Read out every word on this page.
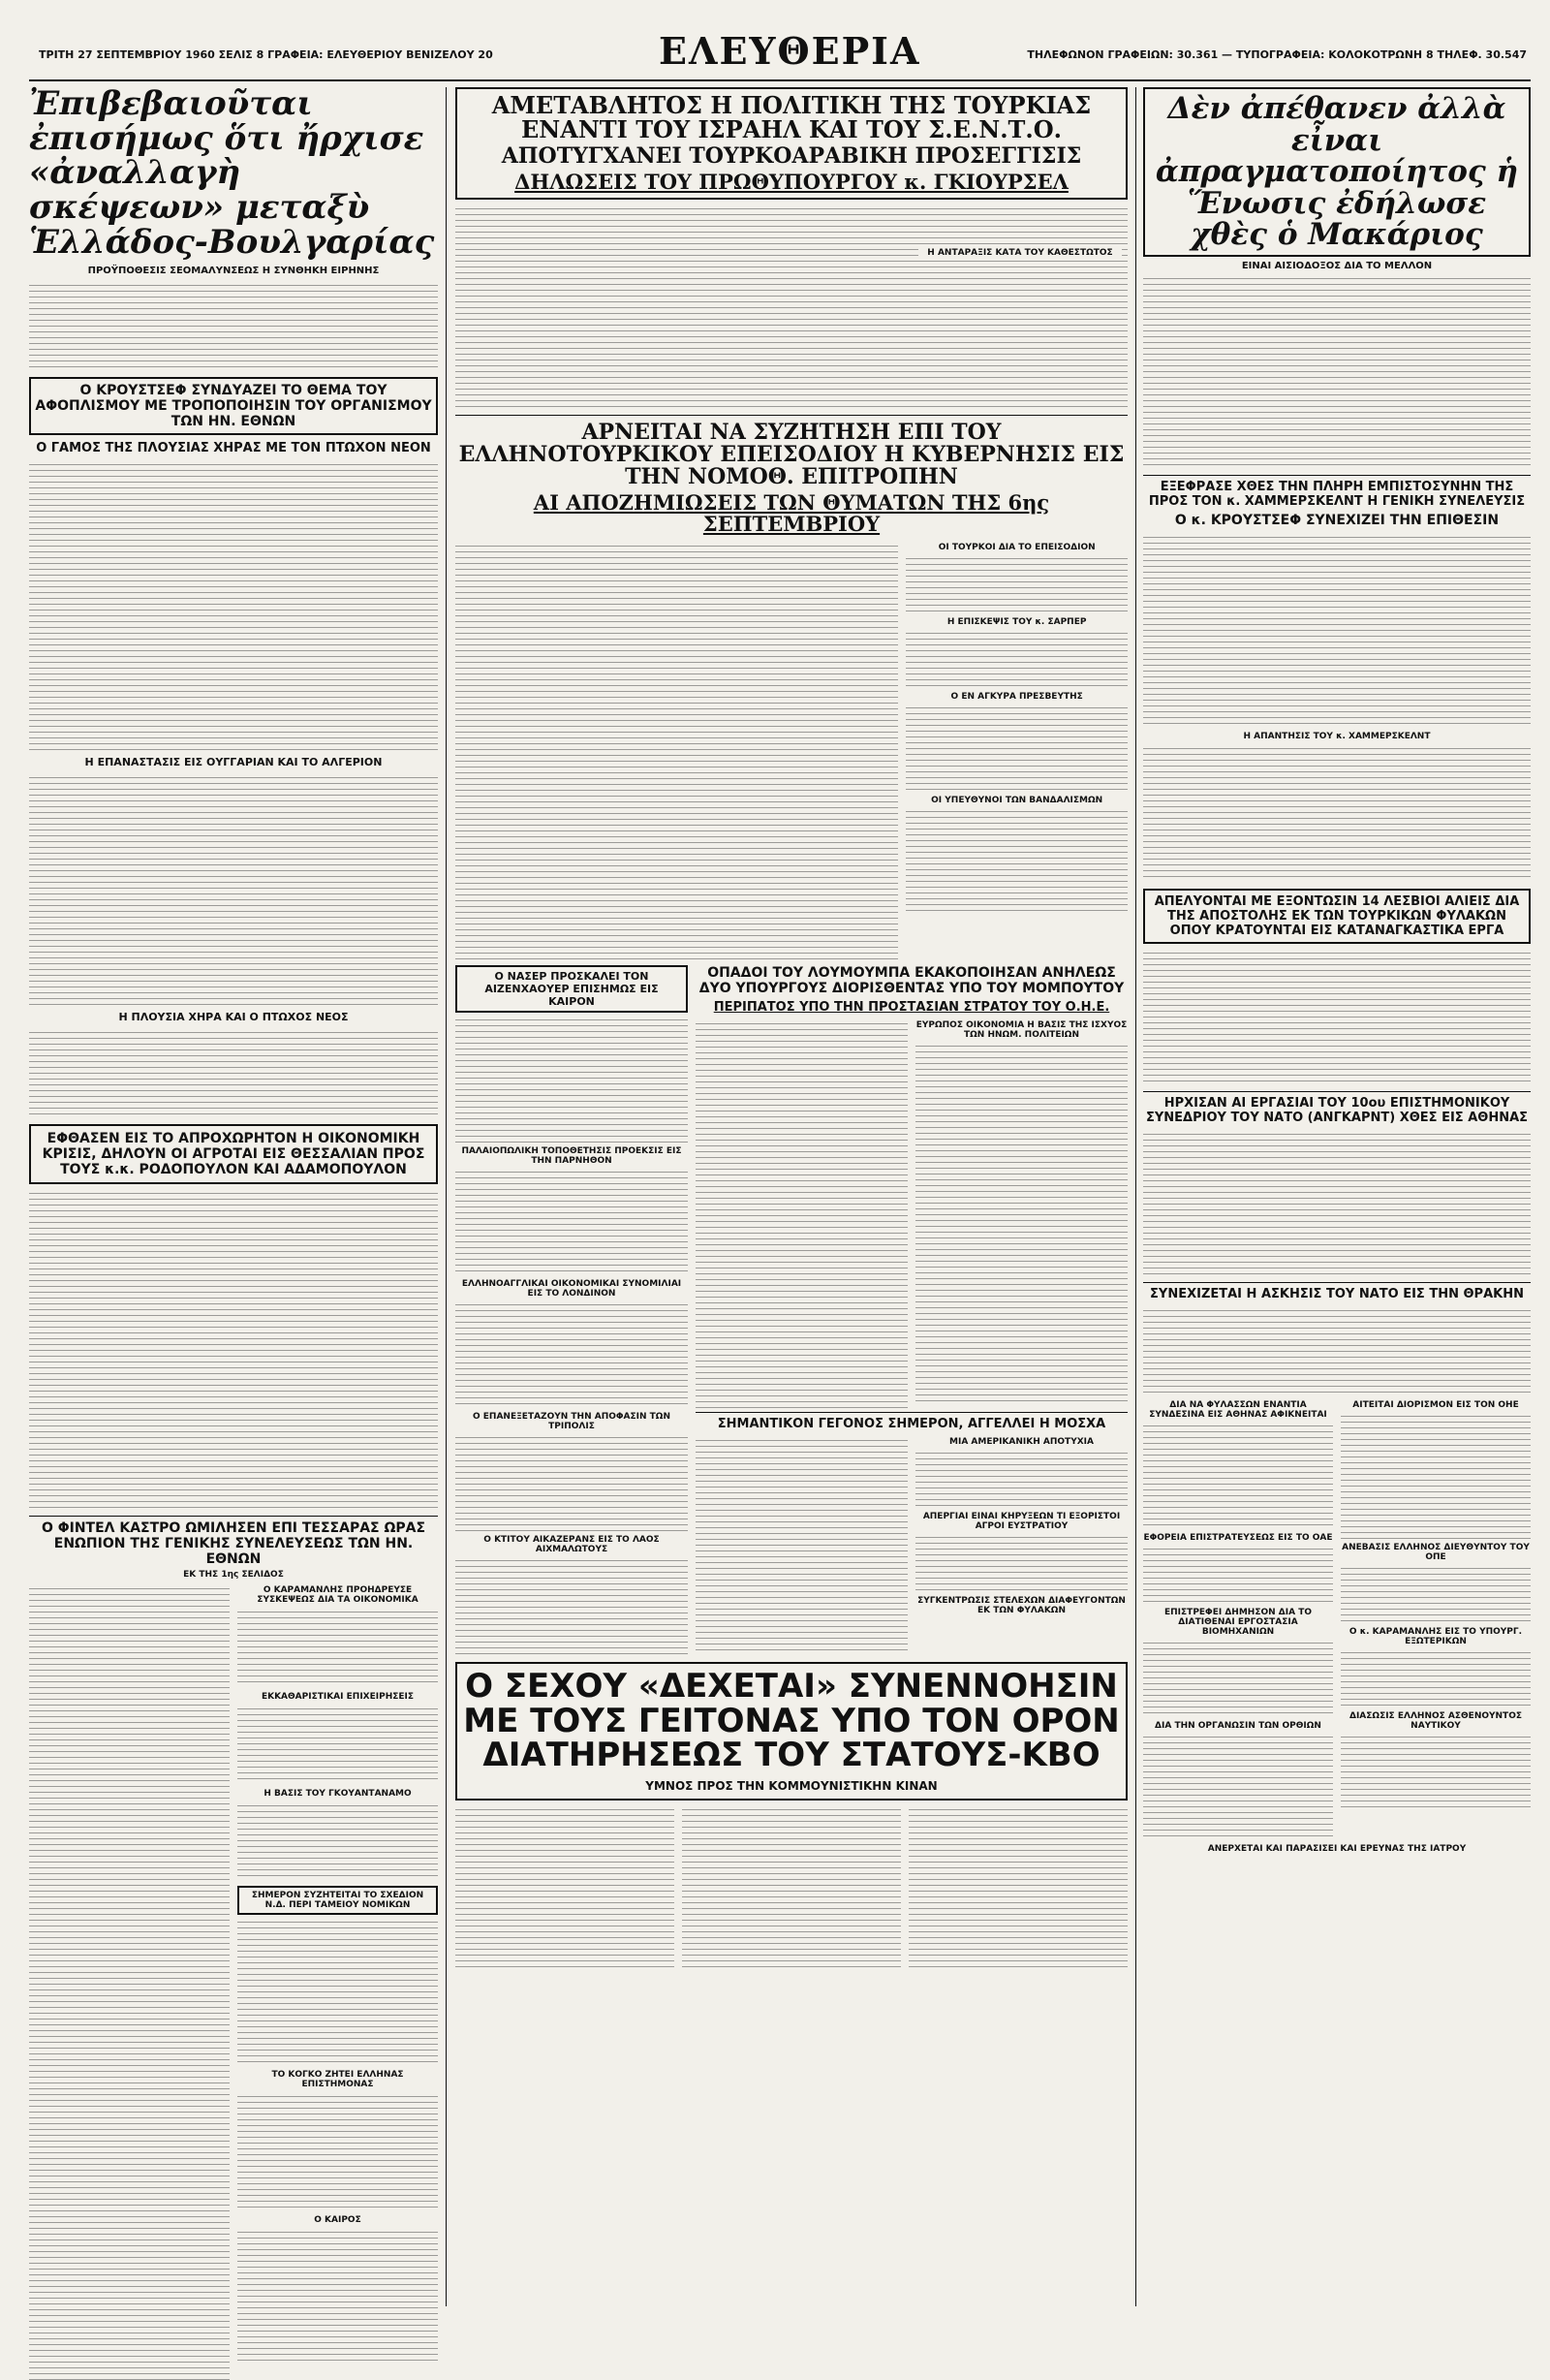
ΤΡΙΤΗ 27 ΣΕΠΤΕΜΒΡΙΟΥ 1960 ΣΕΛΙΣ 8 ΓΡΑΦΕΙΑ: ΕΛΕΥΘΕΡΙΟΥ ΒΕΝΙΖΕΛΟΥ 20	ΕΛΕΥΘΕΡΙΑ	ΤΗΛΕΦΩΝΟΝ ΓΡΑΦΕΙΩΝ: 30.361 — ΤΥΠΟΓΡΑΦΕΙΑ: ΚΟΛΟΚΟΤΡΩΝΗ 8 ΤΗΛΕΦ. 30.547
Ἐπιβεβαιοῦται ἐπισήμως ὅτι ἤρχισε «ἀναλλαγὴ σκέψεων» μεταξὺ Ἑλλάδος-Βουλγαρίας
ΠΡΟΫΠΟΘΕΣΙΣ ΣΕΟΜΑΛΥΝΣΕΩΣ Η ΣΥΝΘΗΚΗ ΕΙΡΗΝΗΣ
Ο ΚΡΟΥΣΤΣΕΦ ΣΥΝΔΥΑΖΕΙ ΤΟ ΘΕΜΑ ΤΟΥ ΑΦΟΠΛΙΣΜΟΥ ΜΕ ΤΡΟΠΟΠΟΙΗΣΙΝ ΤΟΥ ΟΡΓΑΝΙΣΜΟΥ ΤΩΝ ΗΝ. ΕΘΝΩΝ
Ο ΓΑΜΟΣ ΤΗΣ ΠΛΟΥΣΙΑΣ ΧΗΡΑΣ ΜΕ ΤΟΝ ΠΤΩΧΟΝ ΝΕΟΝ
Η ΕΠΑΝΑΣΤΑΣΙΣ ΕΙΣ ΟΥΓΓΑΡΙΑΝ ΚΑΙ ΤΟ ΑΛΓΕΡΙΟΝ
Η ΠΛΟΥΣΙΑ ΧΗΡΑ ΚΑΙ Ο ΠΤΩΧΟΣ ΝΕΟΣ
ΕΦΘΑΣΕΝ ΕΙΣ ΤΟ ΑΠΡΟΧΩΡΗΤΟΝ Η ΟΙΚΟΝΟΜΙΚΗ ΚΡΙΣΙΣ, ΔΗΛΟΥΝ ΟΙ ΑΓΡΟΤΑΙ ΕΙΣ ΘΕΣΣΑΛΙΑΝ ΠΡΟΣ ΤΟΥΣ κ.κ. ΡΟΔΟΠΟΥΛΟΝ ΚΑΙ ΑΔΑΜΟΠΟΥΛΟΝ
Ο ΦΙΝΤΕΛ ΚΑΣΤΡΟ ΩΜΙΛΗΣΕΝ ΕΠΙ ΤΕΣΣΑΡΑΣ ΩΡΑΣ ΕΝΩΠΙΟΝ ΤΗΣ ΓΕΝΙΚΗΣ ΣΥΝΕΛΕΥΣΕΩΣ ΤΩΝ ΗΝ. ΕΘΝΩΝ
ΕΚ ΤΗΣ 1ης ΣΕΛΙΔΟΣ
Ο ΚΑΡΑΜΑΝΛΗΣ ΠΡΟΗΔΡΕΥΣΕ ΣΥΣΚΕΨΕΩΣ ΔΙΑ ΤΑ ΟΙΚΟΝΟΜΙΚΑ
ΕΚΚΑΘΑΡΙΣΤΙΚΑΙ ΕΠΙΧΕΙΡΗΣΕΙΣ
Η ΒΑΣΙΣ ΤΟΥ ΓΚΟΥΑΝΤΑΝΑΜΟ
ΣΗΜΕΡΟΝ ΣΥΖΗΤΕΙΤΑΙ ΤΟ ΣΧΕΔΙΟΝ Ν.Δ. ΠΕΡΙ ΤΑΜΕΙΟΥ ΝΟΜΙΚΩΝ
ΤΟ ΚΟΓΚΟ ΖΗΤΕΙ ΕΛΛΗΝΑΣ ΕΠΙΣΤΗΜΟΝΑΣ
Ο ΚΑΙΡΟΣ
ΑΜΕΤΑΒΛΗΤΟΣ Η ΠΟΛΙΤΙΚΗ ΤΗΣ ΤΟΥΡΚΙΑΣ ΕΝΑΝΤΙ ΤΟΥ ΙΣΡΑΗΛ ΚΑΙ ΤΟΥ Σ.Ε.Ν.Τ.Ο.
ΑΠΟΤΥΓΧΑΝΕΙ ΤΟΥΡΚΟΑΡΑΒΙΚΗ ΠΡΟΣΕΓΓΙΣΙΣ
ΔΗΛΩΣΕΙΣ ΤΟΥ ΠΡΩΘΥΠΟΥΡΓΟΥ κ. ΓΚΙΟΥΡΣΕΛ
Η ΑΝΤΑΡΑΞΙΣ ΚΑΤΑ ΤΟΥ ΚΑΘΕΣΤΩΤΟΣ
ΑΡΝΕΙΤΑΙ ΝΑ ΣΥΖΗΤΗΣΗ ΕΠΙ ΤΟΥ ΕΛΛΗΝΟΤΟΥΡΚΙΚΟΥ ΕΠΕΙΣΟΔΙΟΥ Η ΚΥΒΕΡΝΗΣΙΣ ΕΙΣ ΤΗΝ ΝΟΜΟΘ. ΕΠΙΤΡΟΠΗΝ
ΑΙ ΑΠΟΖΗΜΙΩΣΕΙΣ ΤΩΝ ΘΥΜΑΤΩΝ ΤΗΣ 6ης ΣΕΠΤΕΜΒΡΙΟΥ
ΟΙ ΤΟΥΡΚΟΙ ΔΙΑ ΤΟ ΕΠΕΙΣΟΔΙΟΝ
Η ΕΠΙΣΚΕΨΙΣ ΤΟΥ κ. ΣΑΡΠΕΡ
Ο ΕΝ ΑΓΚΥΡΑ ΠΡΕΣΒΕΥΤΗΣ
ΟΙ ΥΠΕΥΘΥΝΟΙ ΤΩΝ ΒΑΝΔΑΛΙΣΜΩΝ
Ο ΝΑΣΕΡ ΠΡΟΣΚΑΛΕΙ ΤΟΝ ΑΙΖΕΝΧΑΟΥΕΡ ΕΠΙΣΗΜΩΣ ΕΙΣ ΚΑΙΡΟΝ
ΠΑΛΑΙΟΠΩΛΙΚΗ ΤΟΠΟΘΕΤΗΣΙΣ ΠΡΟΕΚΣΙΣ ΕΙΣ ΤΗΝ ΠΑΡΝΗΘΟΝ
ΕΛΛΗΝΟΑΓΓΛΙΚΑΙ ΟΙΚΟΝΟΜΙΚΑΙ ΣΥΝΟΜΙΛΙΑΙ ΕΙΣ ΤΟ ΛΟΝΔΙΝΟΝ
Ο ΕΠΑΝΕΞΕΤΑΖΟΥΝ ΤΗΝ ΑΠΟΦΑΣΙΝ ΤΩΝ ΤΡΙΠΟΛΙΣ
Ο ΚΤΙΤΟΥ ΑΙΚΑΖΕΡΑΝΣ ΕΙΣ ΤΟ ΛΑΟΣ ΑΙΧΜΑΛΩΤΟΥΣ
ΟΠΑΔΟΙ ΤΟΥ ΛΟΥΜΟΥΜΠΑ ΕΚΑΚΟΠΟΙΗΣΑΝ ΑΝΗΛΕΩΣ ΔΥΟ ΥΠΟΥΡΓΟΥΣ ΔΙΟΡΙΣΘΕΝΤΑΣ ΥΠΟ ΤΟΥ ΜΟΜΠΟΥΤΟΥ
ΠΕΡΙΠΑΤΟΣ ΥΠΟ ΤΗΝ ΠΡΟΣΤΑΣΙΑΝ ΣΤΡΑΤΟΥ ΤΟΥ Ο.Η.Ε.
ΕΥΡΩΠΟΣ ΟΙΚΟΝΟΜΙΑ Η ΒΑΣΙΣ ΤΗΣ ΙΣΧΥΟΣ ΤΩΝ ΗΝΩΜ. ΠΟΛΙΤΕΙΩΝ
ΣΗΜΑΝΤΙΚΟΝ ΓΕΓΟΝΟΣ ΣΗΜΕΡΟΝ, ΑΓΓΕΛΛΕΙ Η ΜΟΣΧΑ
ΜΙΑ ΑΜΕΡΙΚΑΝΙΚΗ ΑΠΟΤΥΧΙΑ
ΑΠΕΡΓΙΑΙ ΕΙΝΑΙ ΚΗΡΥΞΕΩΝ ΤΙ ΕΞΟΡΙΣΤΟΙ ΑΓΡΟΙ ΕΥΣΤΡΑΤΙΟΥ
ΣΥΓΚΕΝΤΡΩΣΙΣ ΣΤΕΛΕΧΩΝ ΔΙΑΦΕΥΓΟΝΤΩΝ ΕΚ ΤΩΝ ΦΥΛΑΚΩΝ
Ο ΣΕΧΟΥ «ΔΕΧΕΤΑΙ» ΣΥΝΕΝΝΟΗΣΙΝ ΜΕ ΤΟΥΣ ΓΕΙΤΟΝΑΣ ΥΠΟ ΤΟΝ ΟΡΟΝ ΔΙΑΤΗΡΗΣΕΩΣ ΤΟΥ ΣΤΑΤΟΥΣ-ΚΒΟ
ΥΜΝΟΣ ΠΡΟΣ ΤΗΝ ΚΟΜΜΟΥΝΙΣΤΙΚΗΝ ΚΙΝΑΝ
Δὲν ἀπέθανεν ἀλλὰ εἶναι ἀπραγματοποίητος ἡ Ἕνωσις ἐδήλωσε χθὲς ὁ Μακάριος
ΕΙΝΑΙ ΑΙΣΙΟΔΟΞΟΣ ΔΙΑ ΤΟ ΜΕΛΛΟΝ
ΕΞΕΦΡΑΣΕ ΧΘΕΣ ΤΗΝ ΠΛΗΡΗ ΕΜΠΙΣΤΟΣΥΝΗΝ ΤΗΣ ΠΡΟΣ ΤΟΝ κ. ΧΑΜΜΕΡΣΚΕΛΝΤ Η ΓΕΝΙΚΗ ΣΥΝΕΛΕΥΣΙΣ
Ο κ. ΚΡΟΥΣΤΣΕΦ ΣΥΝΕΧΙΖΕΙ ΤΗΝ ΕΠΙΘΕΣΙΝ
Η ΑΠΑΝΤΗΣΙΣ ΤΟΥ κ. ΧΑΜΜΕΡΣΚΕΛΝΤ
ΑΠΕΛΥΟΝΤΑΙ ΜΕ ΕΞΟΝΤΩΣΙΝ 14 ΛΕΣΒΙΟΙ ΑΛΙΕΙΣ ΔΙΑ ΤΗΣ ΑΠΟΣΤΟΛΗΣ ΕΚ ΤΩΝ ΤΟΥΡΚΙΚΩΝ ΦΥΛΑΚΩΝ ΟΠΟΥ ΚΡΑΤΟΥΝΤΑΙ ΕΙΣ ΚΑΤΑΝΑΓΚΑΣΤΙΚΑ ΕΡΓΑ
ΗΡΧΙΣΑΝ ΑΙ ΕΡΓΑΣΙΑΙ ΤΟΥ 10ου ΕΠΙΣΤΗΜΟΝΙΚΟΥ ΣΥΝΕΔΡΙΟΥ ΤΟΥ ΝΑΤΟ (ΑΝΓΚΑΡΝΤ) ΧΘΕΣ ΕΙΣ ΑΘΗΝΑΣ
ΣΥΝΕΧΙΖΕΤΑΙ Η ΑΣΚΗΣΙΣ ΤΟΥ ΝΑΤΟ ΕΙΣ ΤΗΝ ΘΡΑΚΗΝ
ΔΙΑ ΝΑ ΦΥΛΑΣΣΩΝ ΕΝΑΝΤΙΑ ΣΥΝΔΕΣΙΝΑ ΕΙΣ ΑΘΗΝΑΣ ΑΦΙΚΝΕΙΤΑΙ
ΕΦΟΡΕΙΑ ΕΠΙΣΤΡΑΤΕΥΣΕΩΣ ΕΙΣ ΤΟ ΟΑΕ
ΕΠΙΣΤΡΕΦΕΙ ΔΗΜΗΣΟΝ ΔΙΑ ΤΟ ΔΙΑΤΙΘΕΝΑΙ ΕΡΓΟΣΤΑΣΙΑ ΒΙΟΜΗΧΑΝΙΩΝ
ΔΙΑ ΤΗΝ ΟΡΓΑΝΩΣΙΝ ΤΩΝ ΟΡΘΙΩΝ
ΑΙΤΕΙΤΑΙ ΔΙΟΡΙΣΜΟΝ ΕΙΣ ΤΟΝ ΟΗΕ
ΑΝΕΒΑΣΙΣ ΕΛΛΗΝΟΣ ΔΙΕΥΘΥΝΤΟΥ ΤΟΥ ΟΠΕ
Ο κ. ΚΑΡΑΜΑΝΛΗΣ ΕΙΣ ΤΟ ΥΠΟΥΡΓ. ΕΞΩΤΕΡΙΚΩΝ
ΔΙΑΣΩΣΙΣ ΕΛΛΗΝΟΣ ΑΣΘΕΝΟΥΝΤΟΣ ΝΑΥΤΙΚΟΥ
ΑΝΕΡΧΕΤΑΙ ΚΑΙ ΠΑΡΑΣΙΣΕΙ ΚΑΙ ΕΡΕΥΝΑΣ ΤΗΣ ΙΑΤΡΟΥ
